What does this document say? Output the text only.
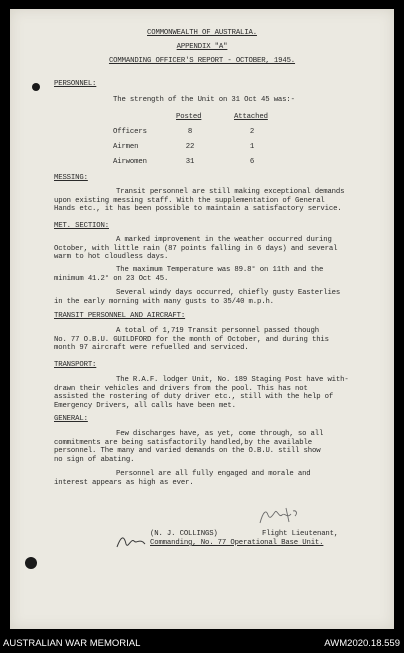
COMMONWEALTH OF AUSTRALIA.
APPENDIX "A"
COMMANDING OFFICER'S REPORT - OCTOBER, 1945.
PERSONNEL:
The strength of the Unit on 31 Oct 45 was:-
Posted	Attached
Officers	8	2
Airmen	22	1
Airwomen	31	6
MESSING:
Transit personnel are still making exceptional demands
upon existing messing staff. With the supplementation of General
Hands etc., it has been possible to maintain a satisfactory service.
MET. SECTION:
A marked improvement in the weather occurred during
October, with little rain (87 points falling in 6 days) and several
warm to hot cloudless days.
The maximum Temperature was 89.8° on 11th and the
minimum 41.2° on 23 Oct 45.
Several windy days occurred, chiefly gusty Easterlies
in the early morning with many gusts to 35/40 m.p.h.
TRANSIT PERSONNEL AND AIRCRAFT:
A total of 1,719 Transit personnel passed though
No. 77 O.B.U. GUILDFORD for the month of October, and during this
month 97 aircraft were refuelled and serviced.
TRANSPORT:
The R.A.F. lodger Unit, No. 189 Staging Post have with-
drawn their vehicles and drivers from the pool. This has not
assisted the rostering of duty driver etc., still with the help of
Emergency Drivers, all calls have been met.
GENERAL:
Few discharges have, as yet, come through, so all
commitments are being satisfactorily handled,by the available
personnel. The many and varied demands on the O.B.U. still show
no sign of abating.
Personnel are all fully engaged and morale and
interest appears as high as ever.
(N. J. COLLINGS)	Flight Lieutenant,
Commanding, No. 77 Operational Base Unit.
AUSTRALIAN WAR MEMORIAL	AWM2020.18.559
